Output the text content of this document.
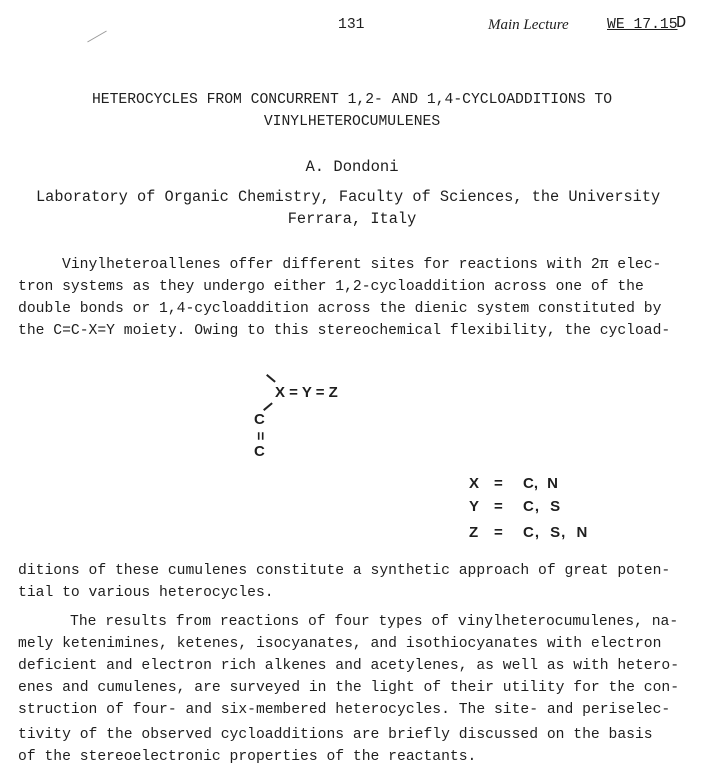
131	Main Lecture	WE 17.15
D
HETEROCYCLES FROM CONCURRENT 1,2- AND 1,4-CYCLOADDITIONS TO
VINYLHETEROCUMULENES
A. Dondoni
Laboratory of Organic Chemistry, Faculty of Sciences, the University
Ferrara, Italy
Vinylheteroallenes offer different sites for reactions with 2π elec-
tron systems as they undergo either 1,2-cycloaddition across one of the
double bonds or 1,4-cycloaddition across the dienic system constituted by
the C=C-X=Y moiety. Owing to this stereochemical flexibility, the cycload-
X = Y = Z
C
=
C
X = C, N
Y = C, S
Z = C, S, N
ditions of these cumulenes constitute a synthetic approach of great poten-
tial to various heterocycles.
The results from reactions of four types of vinylheterocumulenes, na-
mely ketenimines, ketenes, isocyanates, and isothiocyanates with electron
deficient and electron rich alkenes and acetylenes, as well as with hetero-
enes and cumulenes, are surveyed in the light of their utility for the con-
struction of four- and six-membered heterocycles. The site- and periselec-
tivity of the observed cycloadditions are briefly discussed on the basis
of the stereoelectronic properties of the reactants.
